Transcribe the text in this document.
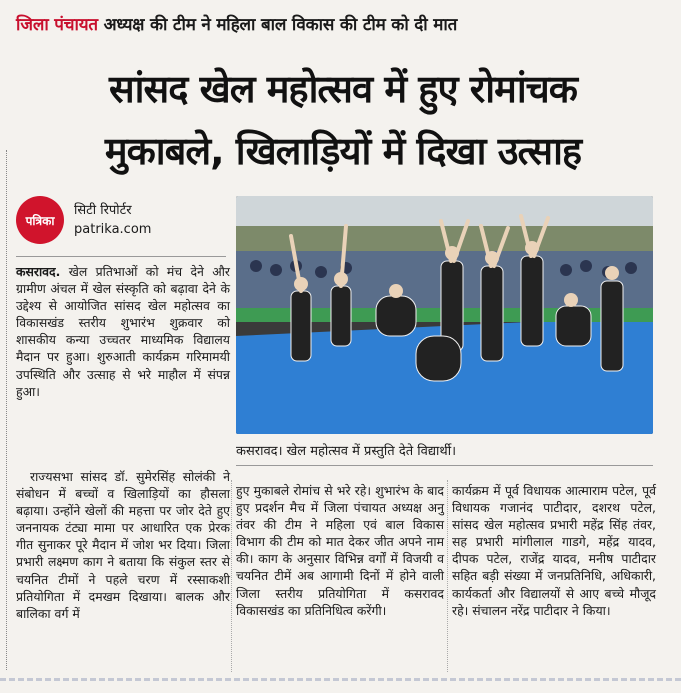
जिला पंचायत अध्यक्ष की टीम ने महिला बाल विकास की टीम को दी मात
सांसद खेल महोत्सव में हुए रोमांचक
मुकाबले, खिलाड़ियों में दिखा उत्साह
पत्रिका
सिटी रिपोर्टर
patrika.com
कसरावद। खेल महोत्सव में प्रस्तुति देते विद्यार्थी।

कसरावद. खेल प्रतिभाओं को मंच देने और ग्रामीण अंचल में खेल संस्कृति को बढ़ावा देने के उद्देश्य से आयोजित सांसद खेल महोत्सव का विकासखंड स्तरीय शुभारंभ शुक्रवार को शासकीय कन्या उच्चतर माध्यमिक विद्यालय मैदान पर हुआ। शुरुआती कार्यक्रम गरिमामयी उपस्थिति और उत्साह से भरे माहौल में संपन्न हुआ।

राज्यसभा सांसद डॉ. सुमेरसिंह सोलंकी ने संबोधन में बच्चों व खिलाड़ियों का हौसला बढ़ाया। उन्होंने खेलों की महत्ता पर जोर देते हुए जननायक टंट्या मामा पर आधारित एक प्रेरक गीत सुनाकर पूरे मैदान में जोश भर दिया। जिला प्रभारी लक्ष्मण काग ने बताया कि संकुल स्तर से चयनित टीमों ने पहले चरण में रस्साकशी प्रतियोगिता में दमखम दिखाया। बालक और बालिका वर्ग में

हुए मुकाबले रोमांच से भरे रहे। शुभारंभ के बाद हुए प्रदर्शन मैच में जिला पंचायत अध्यक्ष अनु तंवर की टीम ने महिला एवं बाल विकास विभाग की टीम को मात देकर जीत अपने नाम की। काग के अनुसार विभिन्न वर्गों में विजयी व चयनित टीमें अब आगामी दिनों में होने वाली जिला स्तरीय प्रतियोगिता में कसरावद विकासखंड का प्रतिनिधित्व करेंगी।

कार्यक्रम में पूर्व विधायक आत्माराम पटेल, पूर्व विधायक गजानंद पाटीदार, दशरथ पटेल, सांसद खेल महोत्सव प्रभारी महेंद्र सिंह तंवर, सह प्रभारी मांगीलाल गाडगे, महेंद्र यादव, दीपक पटेल, राजेंद्र यादव, मनीष पाटीदार सहित बड़ी संख्या में जनप्रतिनिधि, अधिकारी, कार्यकर्ता और विद्यालयों से आए बच्चे मौजूद रहे। संचालन नरेंद्र पाटीदार ने किया।
